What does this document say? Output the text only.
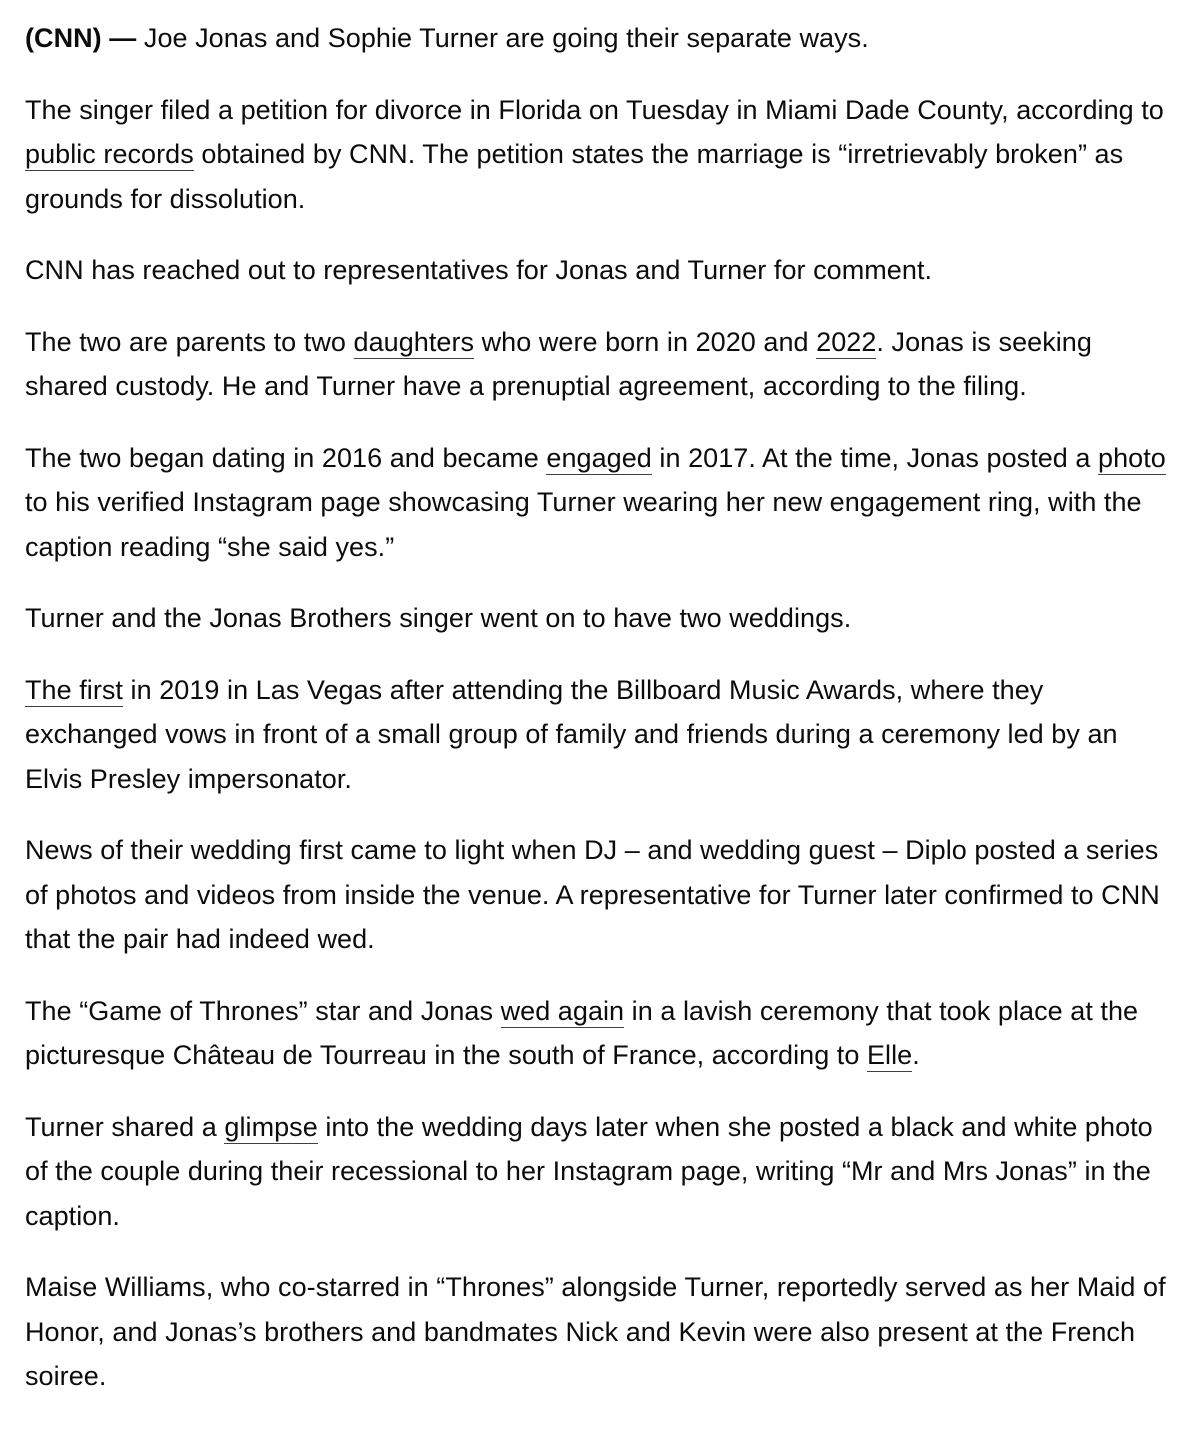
(CNN) — Joe Jonas and Sophie Turner are going their separate ways.

The singer filed a petition for divorce in Florida on Tuesday in Miami Dade County, according to public records obtained by CNN. The petition states the marriage is “irretrievably broken” as grounds for dissolution.

CNN has reached out to representatives for Jonas and Turner for comment.

The two are parents to two daughters who were born in 2020 and 2022. Jonas is seeking shared custody. He and Turner have a prenuptial agreement, according to the filing.

The two began dating in 2016 and became engaged in 2017. At the time, Jonas posted a photo to his verified Instagram page showcasing Turner wearing her new engagement ring, with the caption reading “she said yes.”

Turner and the Jonas Brothers singer went on to have two weddings.

The first in 2019 in Las Vegas after attending the Billboard Music Awards, where they exchanged vows in front of a small group of family and friends during a ceremony led by an Elvis Presley impersonator.

News of their wedding first came to light when DJ – and wedding guest – Diplo posted a series of photos and videos from inside the venue. A representative for Turner later confirmed to CNN that the pair had indeed wed.

The “Game of Thrones” star and Jonas wed again in a lavish ceremony that took place at the picturesque Château de Tourreau in the south of France, according to Elle.

Turner shared a glimpse into the wedding days later when she posted a black and white photo of the couple during their recessional to her Instagram page, writing “Mr and Mrs Jonas” in the caption.

Maise Williams, who co-starred in “Thrones” alongside Turner, reportedly served as her Maid of Honor, and Jonas’s brothers and bandmates Nick and Kevin were also present at the French soiree.
